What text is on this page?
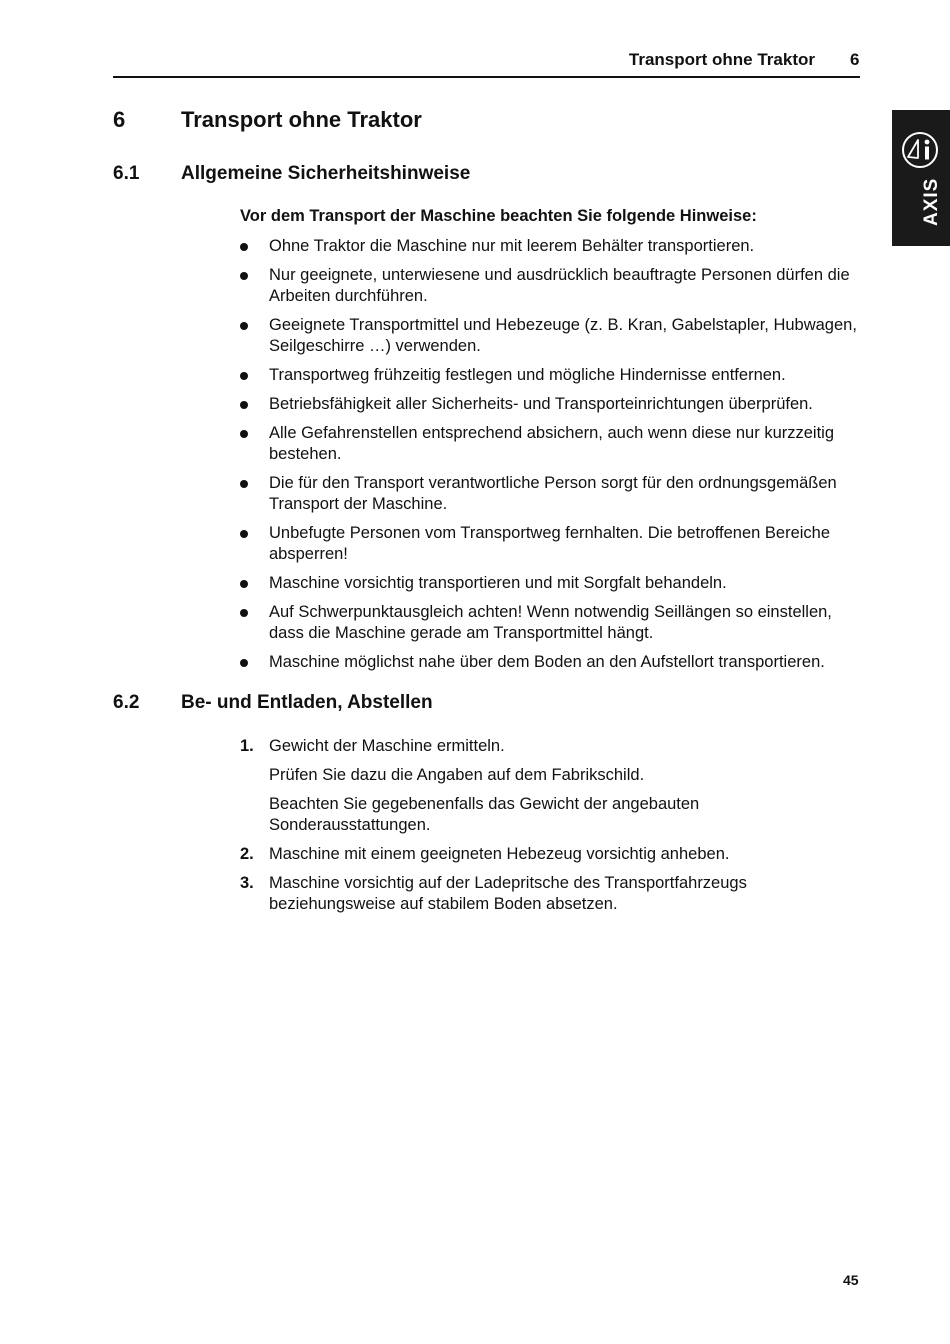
Transport ohne Traktor 6
AXIS
6	Transport ohne Traktor
6.1 Allgemeine Sicherheitshinweise
Vor dem Transport der Maschine beachten Sie folgende Hinweise:
Ohne Traktor die Maschine nur mit leerem Behälter transportieren.
Nur geeignete, unterwiesene und ausdrücklich beauftragte Personen dürfen die Arbeiten durchführen.
Geeignete Transportmittel und Hebezeuge (z. B. Kran, Gabelstapler, Hubwagen, Seilgeschirre …) verwenden.
Transportweg frühzeitig festlegen und mögliche Hindernisse entfernen.
Betriebsfähigkeit aller Sicherheits- und Transporteinrichtungen überprüfen.
Alle Gefahrenstellen entsprechend absichern, auch wenn diese nur kurzzeitig bestehen.
Die für den Transport verantwortliche Person sorgt für den ordnungsgemäßen Transport der Maschine.
Unbefugte Personen vom Transportweg fernhalten. Die betroffenen Bereiche absperren!
Maschine vorsichtig transportieren und mit Sorgfalt behandeln.
Auf Schwerpunktausgleich achten! Wenn notwendig Seillängen so einstellen, dass die Maschine gerade am Transportmittel hängt.
Maschine möglichst nahe über dem Boden an den Aufstellort transportieren.
6.2 Be- und Entladen, Abstellen
1. Gewicht der Maschine ermitteln.
Prüfen Sie dazu die Angaben auf dem Fabrikschild.
Beachten Sie gegebenenfalls das Gewicht der angebauten Sonderausstattungen.
2. Maschine mit einem geeigneten Hebezeug vorsichtig anheben.
3. Maschine vorsichtig auf der Ladepritsche des Transportfahrzeugs beziehungsweise auf stabilem Boden absetzen.
45
